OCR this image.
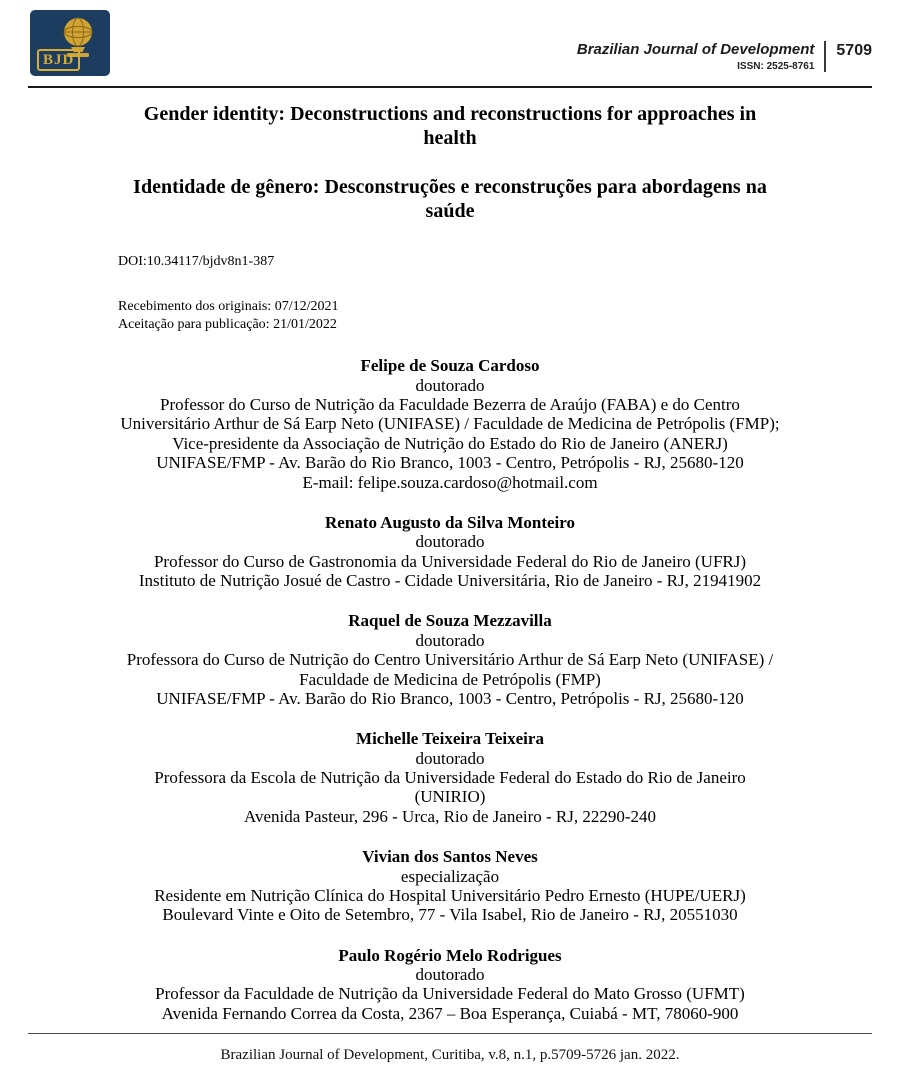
BJD
Brazilian Journal of Development
ISSN: 2525-8761
5709
Gender identity: Deconstructions and reconstructions for approaches in health
Identidade de gênero: Desconstruções e reconstruções para abordagens na saúde

DOI:10.34117/bjdv8n1-387

Recebimento dos originais: 07/12/2021

Aceitação para publicação: 21/01/2022

Felipe de Souza Cardoso

doutorado

Professor do Curso de Nutrição da Faculdade Bezerra de Araújo (FABA) e do Centro Universitário Arthur de Sá Earp Neto (UNIFASE) / Faculdade de Medicina de Petrópolis (FMP); Vice-presidente da Associação de Nutrição do Estado do Rio de Janeiro (ANERJ)

UNIFASE/FMP - Av. Barão do Rio Branco, 1003 - Centro, Petrópolis - RJ, 25680-120

E-mail: felipe.souza.cardoso@hotmail.com

Renato Augusto da Silva Monteiro

doutorado

Professor do Curso de Gastronomia da Universidade Federal do Rio de Janeiro (UFRJ)

Instituto de Nutrição Josué de Castro - Cidade Universitária, Rio de Janeiro - RJ, 21941902

Raquel de Souza Mezzavilla

doutorado

Professora do Curso de Nutrição do Centro Universitário Arthur de Sá Earp Neto (UNIFASE) / Faculdade de Medicina de Petrópolis (FMP)

UNIFASE/FMP - Av. Barão do Rio Branco, 1003 - Centro, Petrópolis - RJ, 25680-120

Michelle Teixeira Teixeira

doutorado

Professora da Escola de Nutrição da Universidade Federal do Estado do Rio de Janeiro (UNIRIO)

Avenida Pasteur, 296 - Urca, Rio de Janeiro - RJ, 22290-240

Vivian dos Santos Neves

especialização

Residente em Nutrição Clínica do Hospital Universitário Pedro Ernesto (HUPE/UERJ)

Boulevard Vinte e Oito de Setembro, 77 - Vila Isabel, Rio de Janeiro - RJ, 20551030

Paulo Rogério Melo Rodrigues

doutorado

Professor da Faculdade de Nutrição da Universidade Federal do Mato Grosso (UFMT)

Avenida Fernando Correa da Costa, 2367 – Boa Esperança, Cuiabá - MT, 78060-900

Brazilian Journal of Development, Curitiba, v.8, n.1, p.5709-5726 jan. 2022.
